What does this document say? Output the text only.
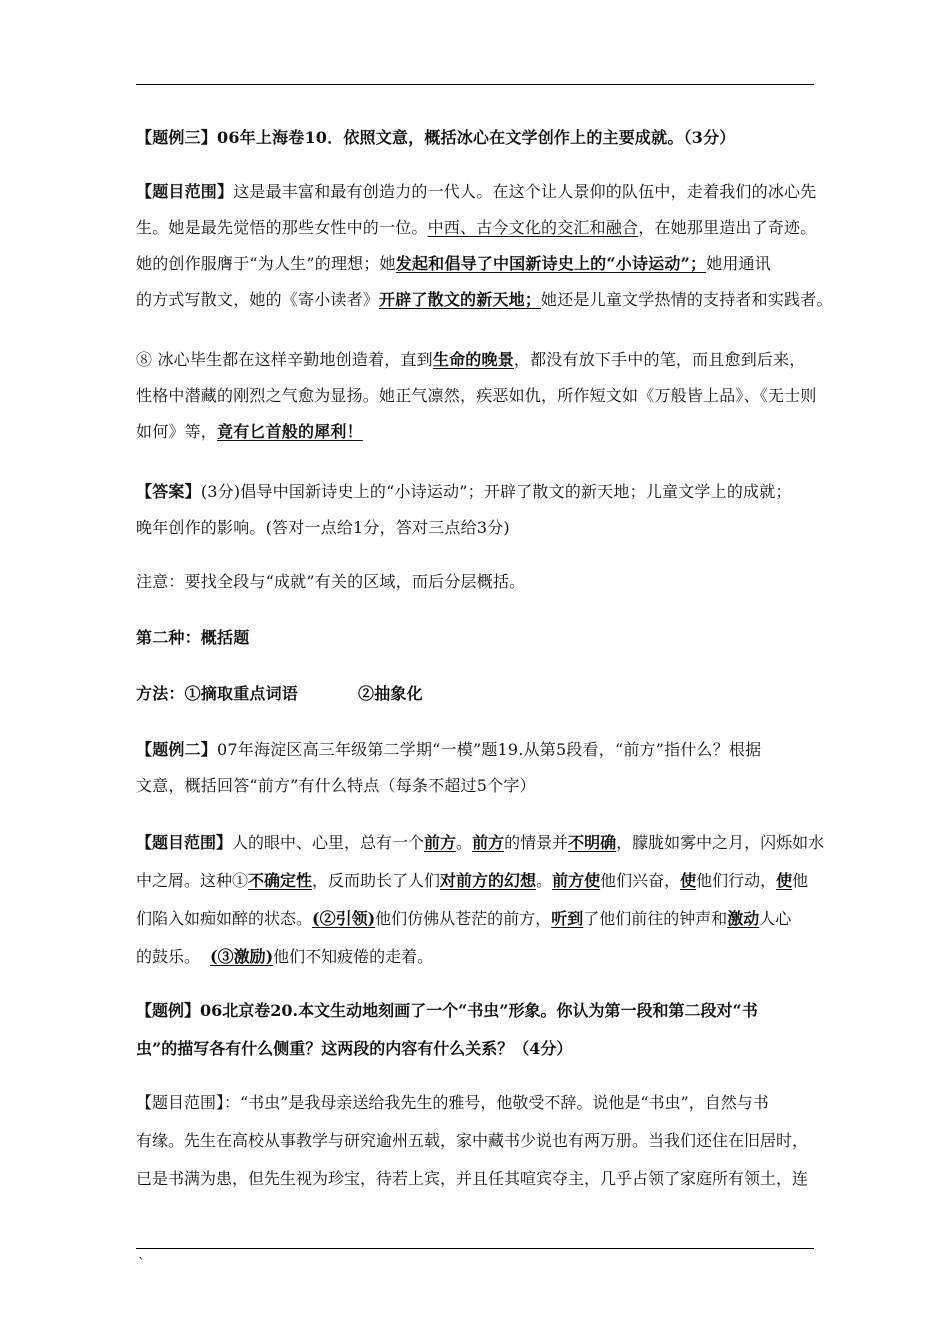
【题例三】06年上海卷10．依照文意，概括冰心在文学创作上的主要成就。（3分）
【题目范围】这是最丰富和最有创造力的一代人。在这个让人景仰的队伍中，走着我们的冰心先
生。她是最先觉悟的那些女性中的一位。中西、古今文化的交汇和融合，在她那里造出了奇迹。
她的创作服膺于“为人生”的理想；她发起和倡导了中国新诗史上的“小诗运动”；她用通讯
的方式写散文，她的《寄小读者》开辟了散文的新天地；她还是儿童文学热情的支持者和实践者。
⑧ 冰心毕生都在这样辛勤地创造着，直到生命的晚景，都没有放下手中的笔，而且愈到后来，
性格中潜藏的刚烈之气愈为显扬。她正气凛然，疾恶如仇，所作短文如《万般皆上品》、《无士则
如何》等，竟有匕首般的犀利！
【答案】(3分)倡导中国新诗史上的“小诗运动”；开辟了散文的新天地；儿童文学上的成就；
晚年创作的影响。(答对一点给1分，答对三点给3分)
注意：要找全段与“成就”有关的区域，而后分层概括。
第二种：概括题
方法：①摘取重点词语	②抽象化
【题例二】07年海淀区高三年级第二学期“一模”题19.从第5段看，“前方”指什么？根据
文意，概括回答“前方”有什么特点（每条不超过5个字）
【题目范围】人的眼中、心里，总有一个前方。前方的情景并不明确，朦胧如雾中之月，闪烁如水
中之屑。这种①不确定性，反而助长了人们对前方的幻想。前方使他们兴奋，使他们行动，使他
们陷入如痴如醉的状态。(②引领)他们仿佛从苍茫的前方，听到了他们前往的钟声和激动人心
的鼓乐。 (③激励)他们不知疲倦的走着。
【题例】06北京卷20.本文生动地刻画了一个“书虫”形象。你认为第一段和第二段对“书
虫”的描写各有什么侧重？这两段的内容有什么关系？（4分）
【题目范围】：“书虫”是我母亲送给我先生的雅号，他敬受不辞。说他是“书虫”，自然与书
有缘。先生在高校从事教学与研究逾州五载，家中藏书少说也有两万册。当我们还住在旧居时，
已是书满为患，但先生视为珍宝，待若上宾，并且任其喧宾夺主，几乎占领了家庭所有领土，连
`
